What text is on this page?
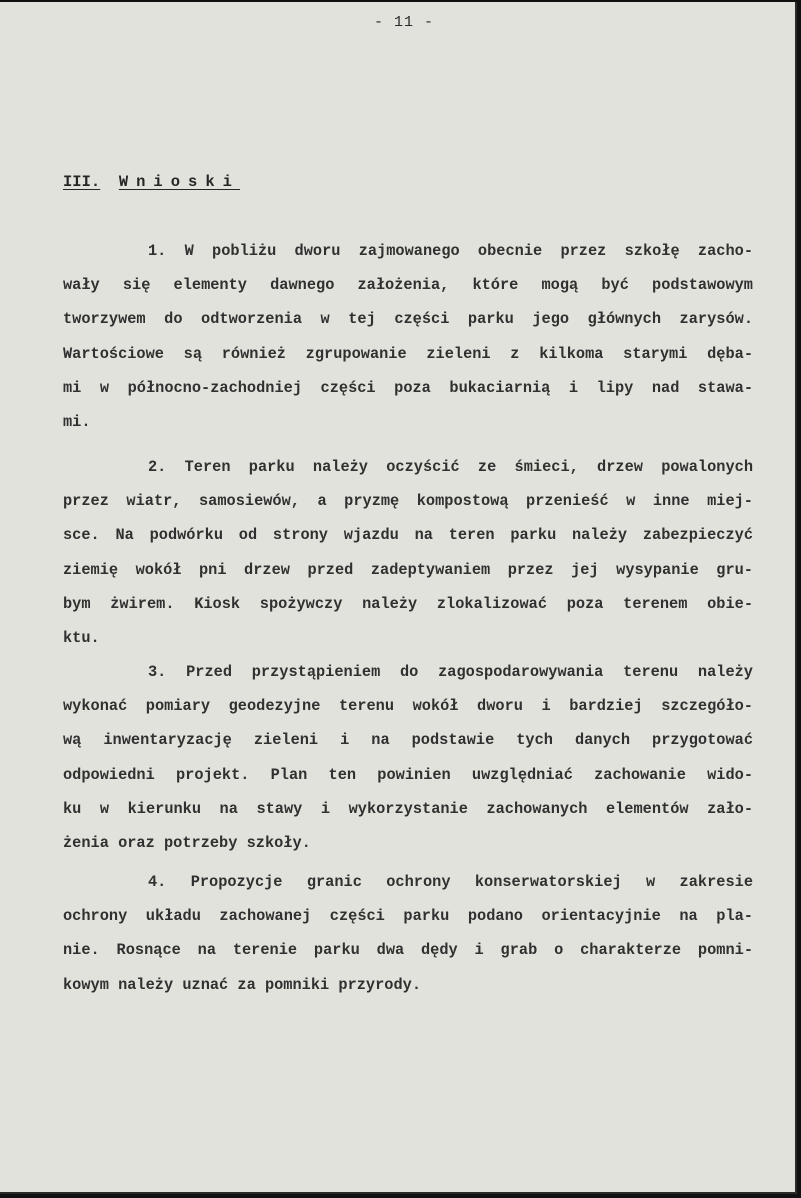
- 11 -
III. Wnioski
1. W pobliżu dworu zajmowanego obecnie przez szkołę zacho-
wały się elementy dawnego założenia, które mogą być podstawowym
tworzywem do odtworzenia w tej części parku jego głównych zarysów.
Wartościowe są również zgrupowanie zieleni z kilkoma starymi dęba-
mi w północno-zachodniej części poza bukaciarnią i lipy nad stawa-
mi.
2. Teren parku należy oczyścić ze śmieci, drzew powalonych
przez wiatr, samosiewów, a pryzmę kompostową przenieść w inne miej-
sce. Na podwórku od strony wjazdu na teren parku należy zabezpieczyć
ziemię wokół pni drzew przed zadeptywaniem przez jej wysypanie gru-
bym żwirem. Kiosk spożywczy należy zlokalizować poza terenem obie-
ktu.
3. Przed przystąpieniem do zagospodarowywania terenu należy
wykonać pomiary geodezyjne terenu wokół dworu i bardziej szczegóło-
wą inwentaryzację zieleni i na podstawie tych danych przygotować
odpowiedni projekt. Plan ten powinien uwzględniać zachowanie wido-
ku w kierunku na stawy i wykorzystanie zachowanych elementów zało-
żenia oraz potrzeby szkoły.
4. Propozycje granic ochrony konserwatorskiej w zakresie
ochrony układu zachowanej części parku podano orientacyjnie na pla-
nie. Rosnące na terenie parku dwa dędy i grab o charakterze pomni-
kowym należy uznać za pomniki przyrody.
